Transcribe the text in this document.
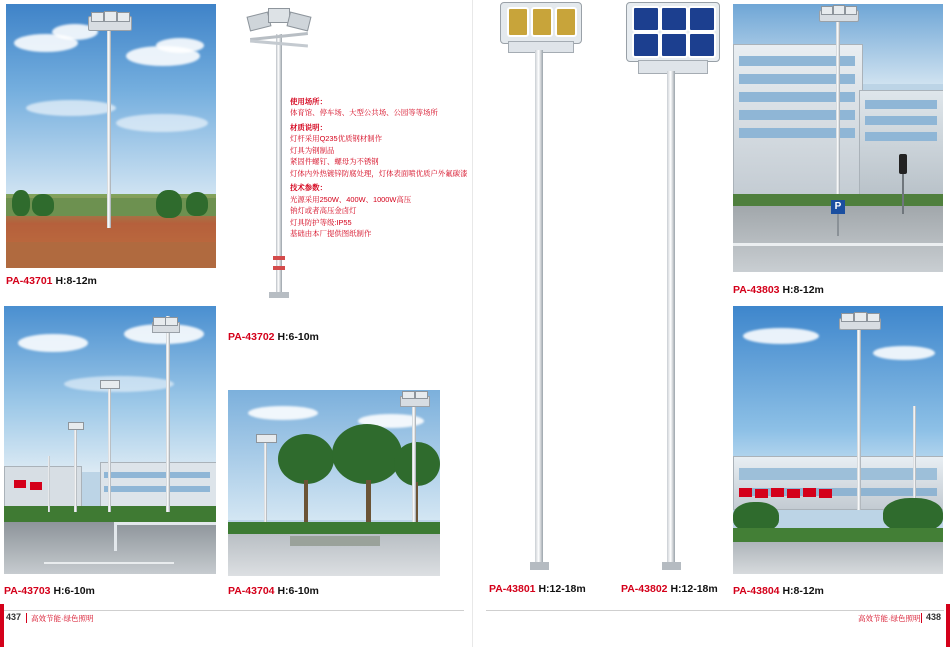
PA-43701 H:8-12m
PA-43702 H:6-10m
使用场所：
体育馆、停车场、大型公共场、公园等等场所
材质说明：
灯杆采用Q235优质钢材制作
灯具为钢制品
紧固件螺钉、螺母为不锈钢
灯体内外热镀锌防腐处理，灯体表面喷优质户外氟碳漆
技术参数：
光源采用250W、400W、1000W高压
钠灯或者高压金卤灯
灯具防护等级:IP55
基础由本厂提供图纸制作
PA-43801 H:12-18m	PA-43802 H:12-18m
P
PA-43803 H:8-12m
PA-43703 H:6-10m	PA-43704 H:6-10m	PA-43804 H:8-12m
437 高效节能·绿色照明	高效节能·绿色照明 438
